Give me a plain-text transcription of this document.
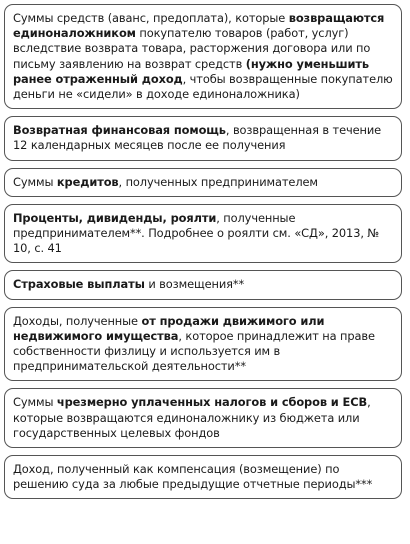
Суммы средств (аванс, предоплата), которые возвращаются единоналожником покупателю товаров (работ, услуг) вследствие возврата товара, расторжения договора или по письму заявлению на возврат средств (нужно уменьшить ранее отраженный доход, чтобы возвращенные покупателю деньги не «сидели» в доходе единоналожника)
Возвратная финансовая помощь, возвращенная в течение 12 календарных месяцев после ее получения
Суммы кредитов, полученных предпринимателем
Проценты, дивиденды, роялти, полученные предпринимателем**. Подробнее о роялти см. «СД», 2013, № 10, с. 41
Страховые выплаты и возмещения**
Доходы, полученные от продажи движимого или недвижимого имущества, которое принадлежит на праве собственности физлицу и используется им в предпринимательской деятельности**
Суммы чрезмерно уплаченных налогов и сборов и ЕСВ, которые возвращаются единоналожнику из бюджета или государственных целевых фондов
Доход, полученный как компенсация (возмещение) по решению суда за любые предыдущие отчетные периоды***
